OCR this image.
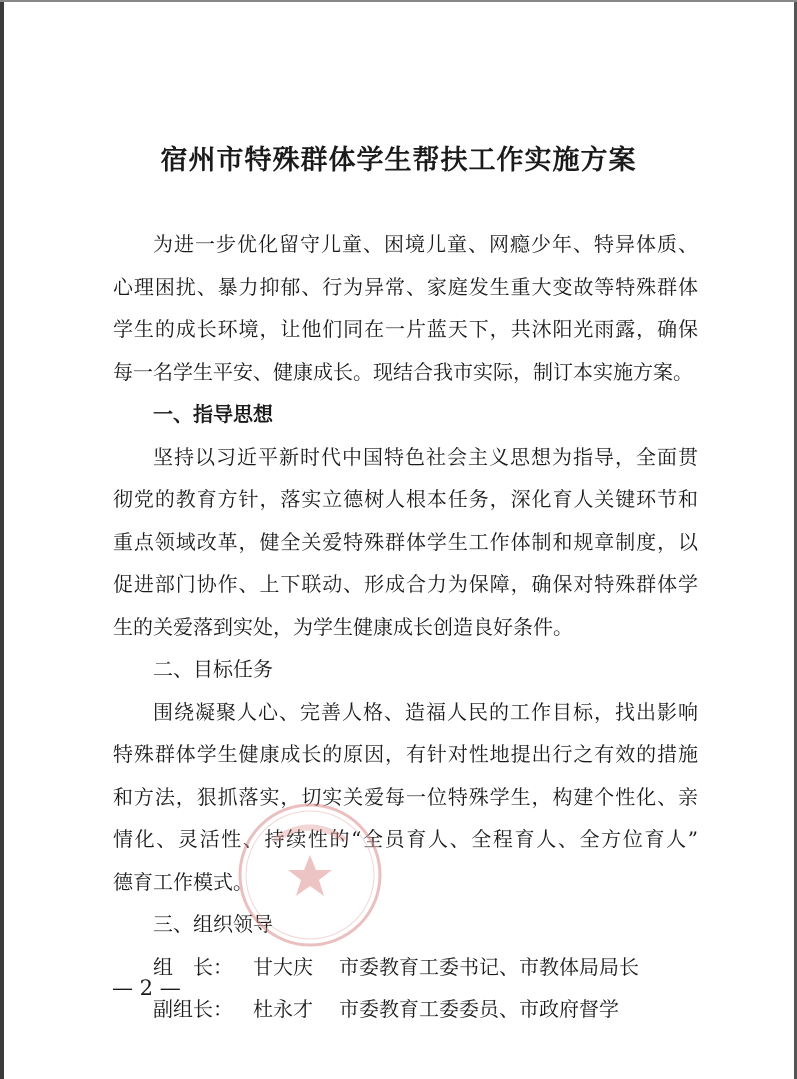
宿州市特殊群体学生帮扶工作实施方案
为进一步优化留守儿童、困境儿童、网瘾少年、特异体质、
心理困扰、暴力抑郁、行为异常、家庭发生重大变故等特殊群体
学生的成长环境，让他们同在一片蓝天下，共沐阳光雨露，确保
每一名学生平安、健康成长。现结合我市实际，制订本实施方案。
一、指导思想
坚持以习近平新时代中国特色社会主义思想为指导，全面贯
彻党的教育方针，落实立德树人根本任务，深化育人关键环节和
重点领域改革，健全关爱特殊群体学生工作体制和规章制度，以
促进部门协作、上下联动、形成合力为保障，确保对特殊群体学
生的关爱落到实处，为学生健康成长创造良好条件。
二、目标任务
围绕凝聚人心、完善人格、造福人民的工作目标，找出影响
特殊群体学生健康成长的原因，有针对性地提出行之有效的措施
和方法，狠抓落实，切实关爱每一位特殊学生，构建个性化、亲
情化、灵活性、持续性的“全员育人、全程育人、全方位育人”
德育工作模式。
三、组织领导
组　长： 甘大庆 市委教育工委书记、市教体局局长
副组长： 杜永才 市委教育工委委员、市政府督学
— 2 —
